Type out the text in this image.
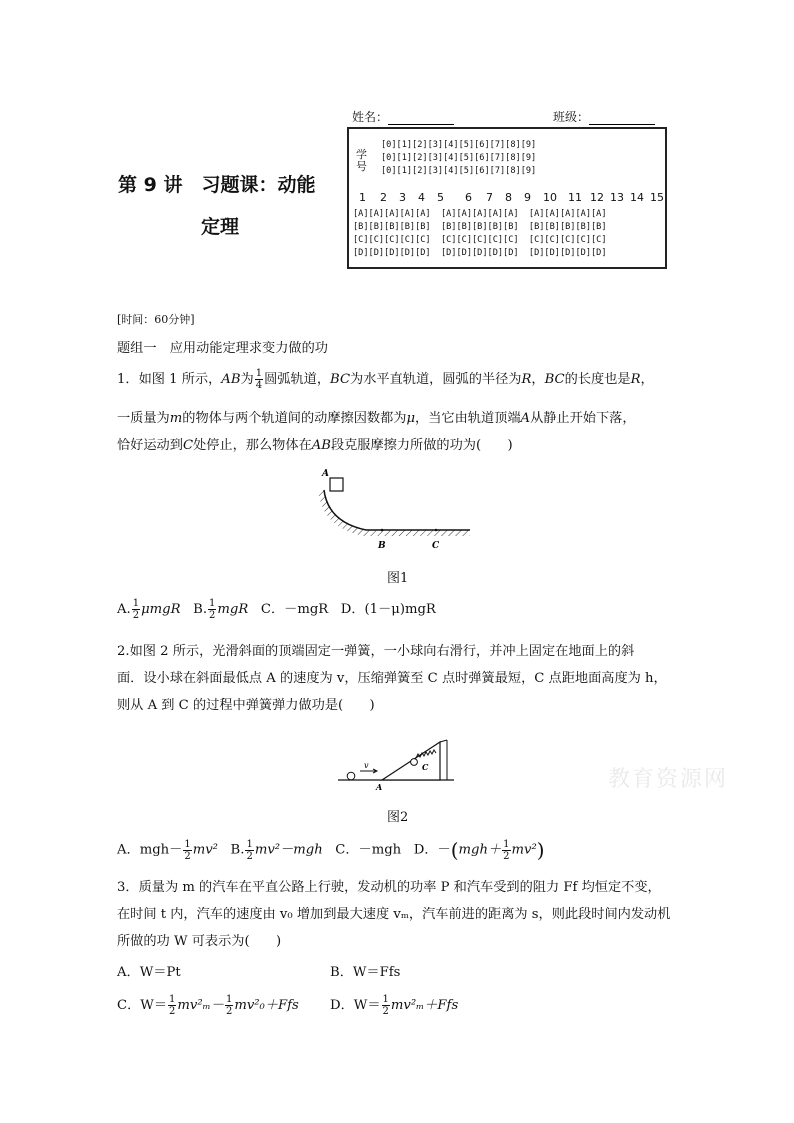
姓名：	班级：
第 9 讲　习题课：动能
定理
学号
[0][1][2][3][4][5][6][7][8][9]
[0][1][2][3][4][5][6][7][8][9]
[0][1][2][3][4][5][6][7][8][9]
1 2 3 4 5 6 7 8 9 10 11 12 13 14 15
[A][A][A][A][A]  [A][A][A][A][A]  [A][A][A][A][A]
[B][B][B][B][B]  [B][B][B][B][B]  [B][B][B][B][B]
[C][C][C][C][C]  [C][C][C][C][C]  [C][C][C][C][C]
[D][D][D][D][D]  [D][D][D][D][D]  [D][D][D][D][D]
[时间：60分钟]
题组一　应用动能定理求变力做的功
1．如图 1 所示，AB为 $\frac{1}{4}$ 圆弧轨道，BC为水平直轨道，圆弧的半径为R，BC的长度也是R，
一质量为m的物体与两个轨道间的动摩擦因数都为μ，当它由轨道顶端A从静止开始下落，
恰好运动到C处停止，那么物体在AB段克服摩擦力所做的功为(　　)
A
B	C
图1
A. $\frac{1}{2}$ μmgR B. $\frac{1}{2}$ mgR C．－mgR D．(1－μ)mgR
2.如图 2 所示，光滑斜面的顶端固定一弹簧，一小球向右滑行，并冲上固定在地面上的斜
面．设小球在斜面最低点 A 的速度为 v，压缩弹簧至 C 点时弹簧最短，C 点距地面高度为 h，
则从 A 到 C 的过程中弹簧弹力做功是(　　)
v
A
C
图2
A．$mgh- \frac{1}{2} mv^2$ B. $\frac{1}{2} mv^2-mgh$ C．－mgh D．$-(mgh+ \frac{1}{2} mv^2)$
3．质量为 m 的汽车在平直公路上行驶，发动机的功率 P 和汽车受到的阻力 Ff 均恒定不变，
在时间 t 内，汽车的速度由 v₀ 增加到最大速度 vₘ，汽车前进的距离为 s，则此段时间内发动机
所做的功 W 可表示为(　　)
A．W＝Pt	B．W＝Ffs
C．$W= \frac{1}{2} mv^2_m- \frac{1}{2} mv^2_0+Ffs$ D．$W= \frac{1}{2} mv^2_m+Ffs$
教育资源网
